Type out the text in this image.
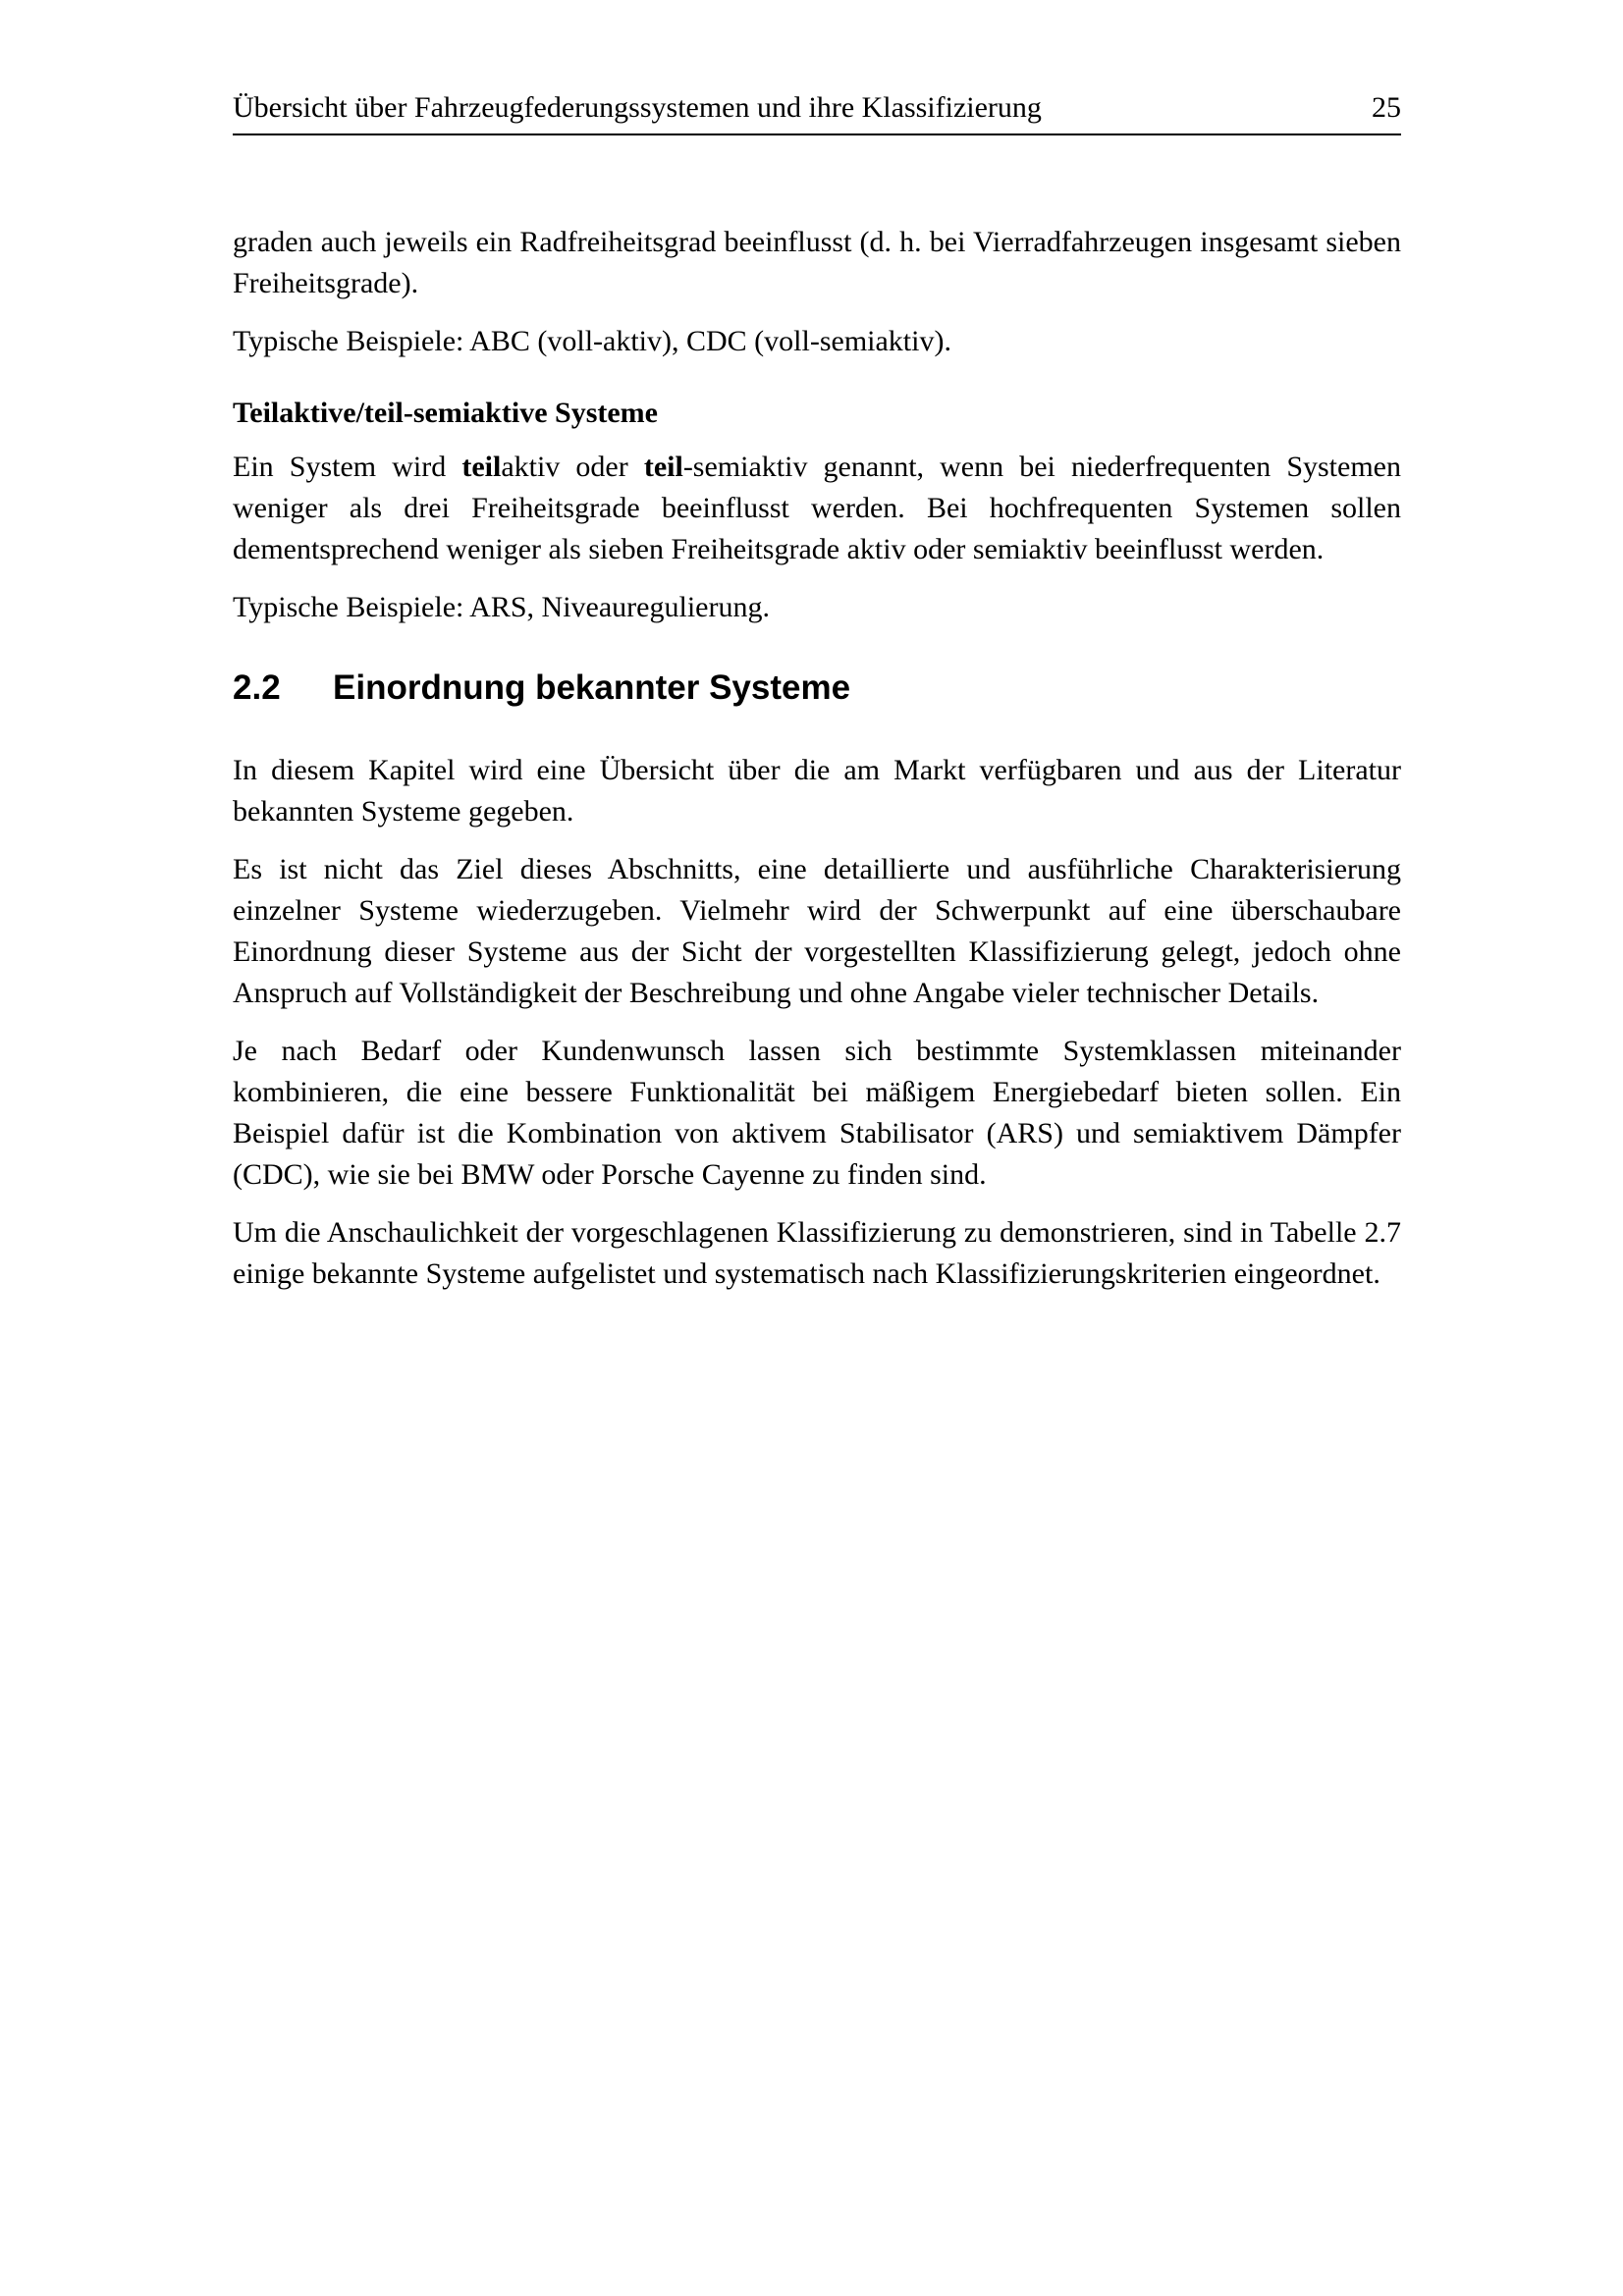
Übersicht über Fahrzeugfederungssystemen und ihre Klassifizierung	25

graden auch jeweils ein Radfreiheitsgrad beeinflusst (d. h. bei Vierradfahrzeugen insgesamt sieben Freiheitsgrade).

Typische Beispiele: ABC (voll-aktiv), CDC (voll-semiaktiv).

Teilaktive/teil-semiaktive Systeme

Ein System wird teilaktiv oder teil-semiaktiv genannt, wenn bei niederfrequenten Systemen weniger als drei Freiheitsgrade beeinflusst werden. Bei hochfrequenten Systemen sollen dementsprechend weniger als sieben Freiheitsgrade aktiv oder semiaktiv beeinflusst werden.

Typische Beispiele: ARS, Niveauregulierung.

2.2	Einordnung bekannter Systeme

In diesem Kapitel wird eine Übersicht über die am Markt verfügbaren und aus der Literatur bekannten Systeme gegeben.

Es ist nicht das Ziel dieses Abschnitts, eine detaillierte und ausführliche Charakterisierung einzelner Systeme wiederzugeben. Vielmehr wird der Schwerpunkt auf eine überschaubare Einordnung dieser Systeme aus der Sicht der vorgestellten Klassifizierung gelegt, jedoch ohne Anspruch auf Vollständigkeit der Beschreibung und ohne Angabe vieler technischer Details.

Je nach Bedarf oder Kundenwunsch lassen sich bestimmte Systemklassen miteinander kombinieren, die eine bessere Funktionalität bei mäßigem Energiebedarf bieten sollen. Ein Beispiel dafür ist die Kombination von aktivem Stabilisator (ARS) und semiaktivem Dämpfer (CDC), wie sie bei BMW oder Porsche Cayenne zu finden sind.

Um die Anschaulichkeit der vorgeschlagenen Klassifizierung zu demonstrieren, sind in Tabelle 2.7 einige bekannte Systeme aufgelistet und systematisch nach Klassifizierungskriterien eingeordnet.
